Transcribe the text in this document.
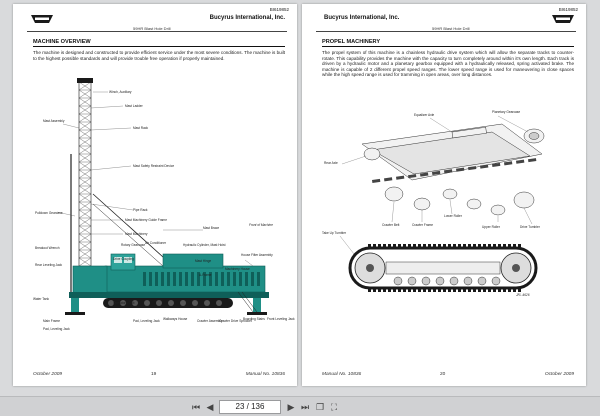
BI619852
Bucyrus International, Inc.
59HR Blast Hole Drill
MACHINE OVERVIEW
The machine is designed and constructed to provide efficient service under the most severe conditions. The machine is built to the highest possible standards and will provide trouble free operation if properly maintained.
Winch, Auxiliary
Mast Ladder
Mast Assembly
Mast Rack
Mast Safety Restraint Device
Pipe Rack
Pulldown Gearcase
Mast Machinery Guide Frame
Mast Machinery
Mast Brace
Front of Machine
Breakout Wrench
Rotary Gearcase Air Conditioner	Hydraulic Cylinder, Mast Hoist
House Filter Assembly
Rear Leveling Jack
Drive Coupling	Mast Hinge
Machinery House
A-Frame
Water Tank
Operator's Cab
Main Frame
Pad, Leveling Jack
Pad, Leveling Jack Walkways House	Crawler Assembly
Crawler Drive Sprocket
Boarding Stairs Front Leveling Jack
October 2009	19	Manual No. 10836
BI619852
Bucyrus International, Inc.
59HR Blast Hole Drill
PROPEL MACHINERY
The propel system of this machine is a chainless hydraulic drive system which will allow the separate tracks to counter-rotate. This capability provides the machine with the capacity to turn completely around within it's own length. Each track is driven by a hydraulic motor and a planetary gearbox equipped with a hydraulically released, spring activated brake. The machine is capable of 2 different propel speed ranges. The lower speed range is used for maneuvering in close spaces while the high speed range is used for tramming in open areas, over long distances.
Equalizer Axle
Planetary Gearcase
Rear Axle
Lower Roller
Crawler Belt	Crawler Frame	Upper Roller	Drive Tumbler
Take Up Tumbler
JFL-4626
Manual No. 10836	20	October 2009
⏮ ◀	23 / 136	▶ ⏭ ❐ ⛶
